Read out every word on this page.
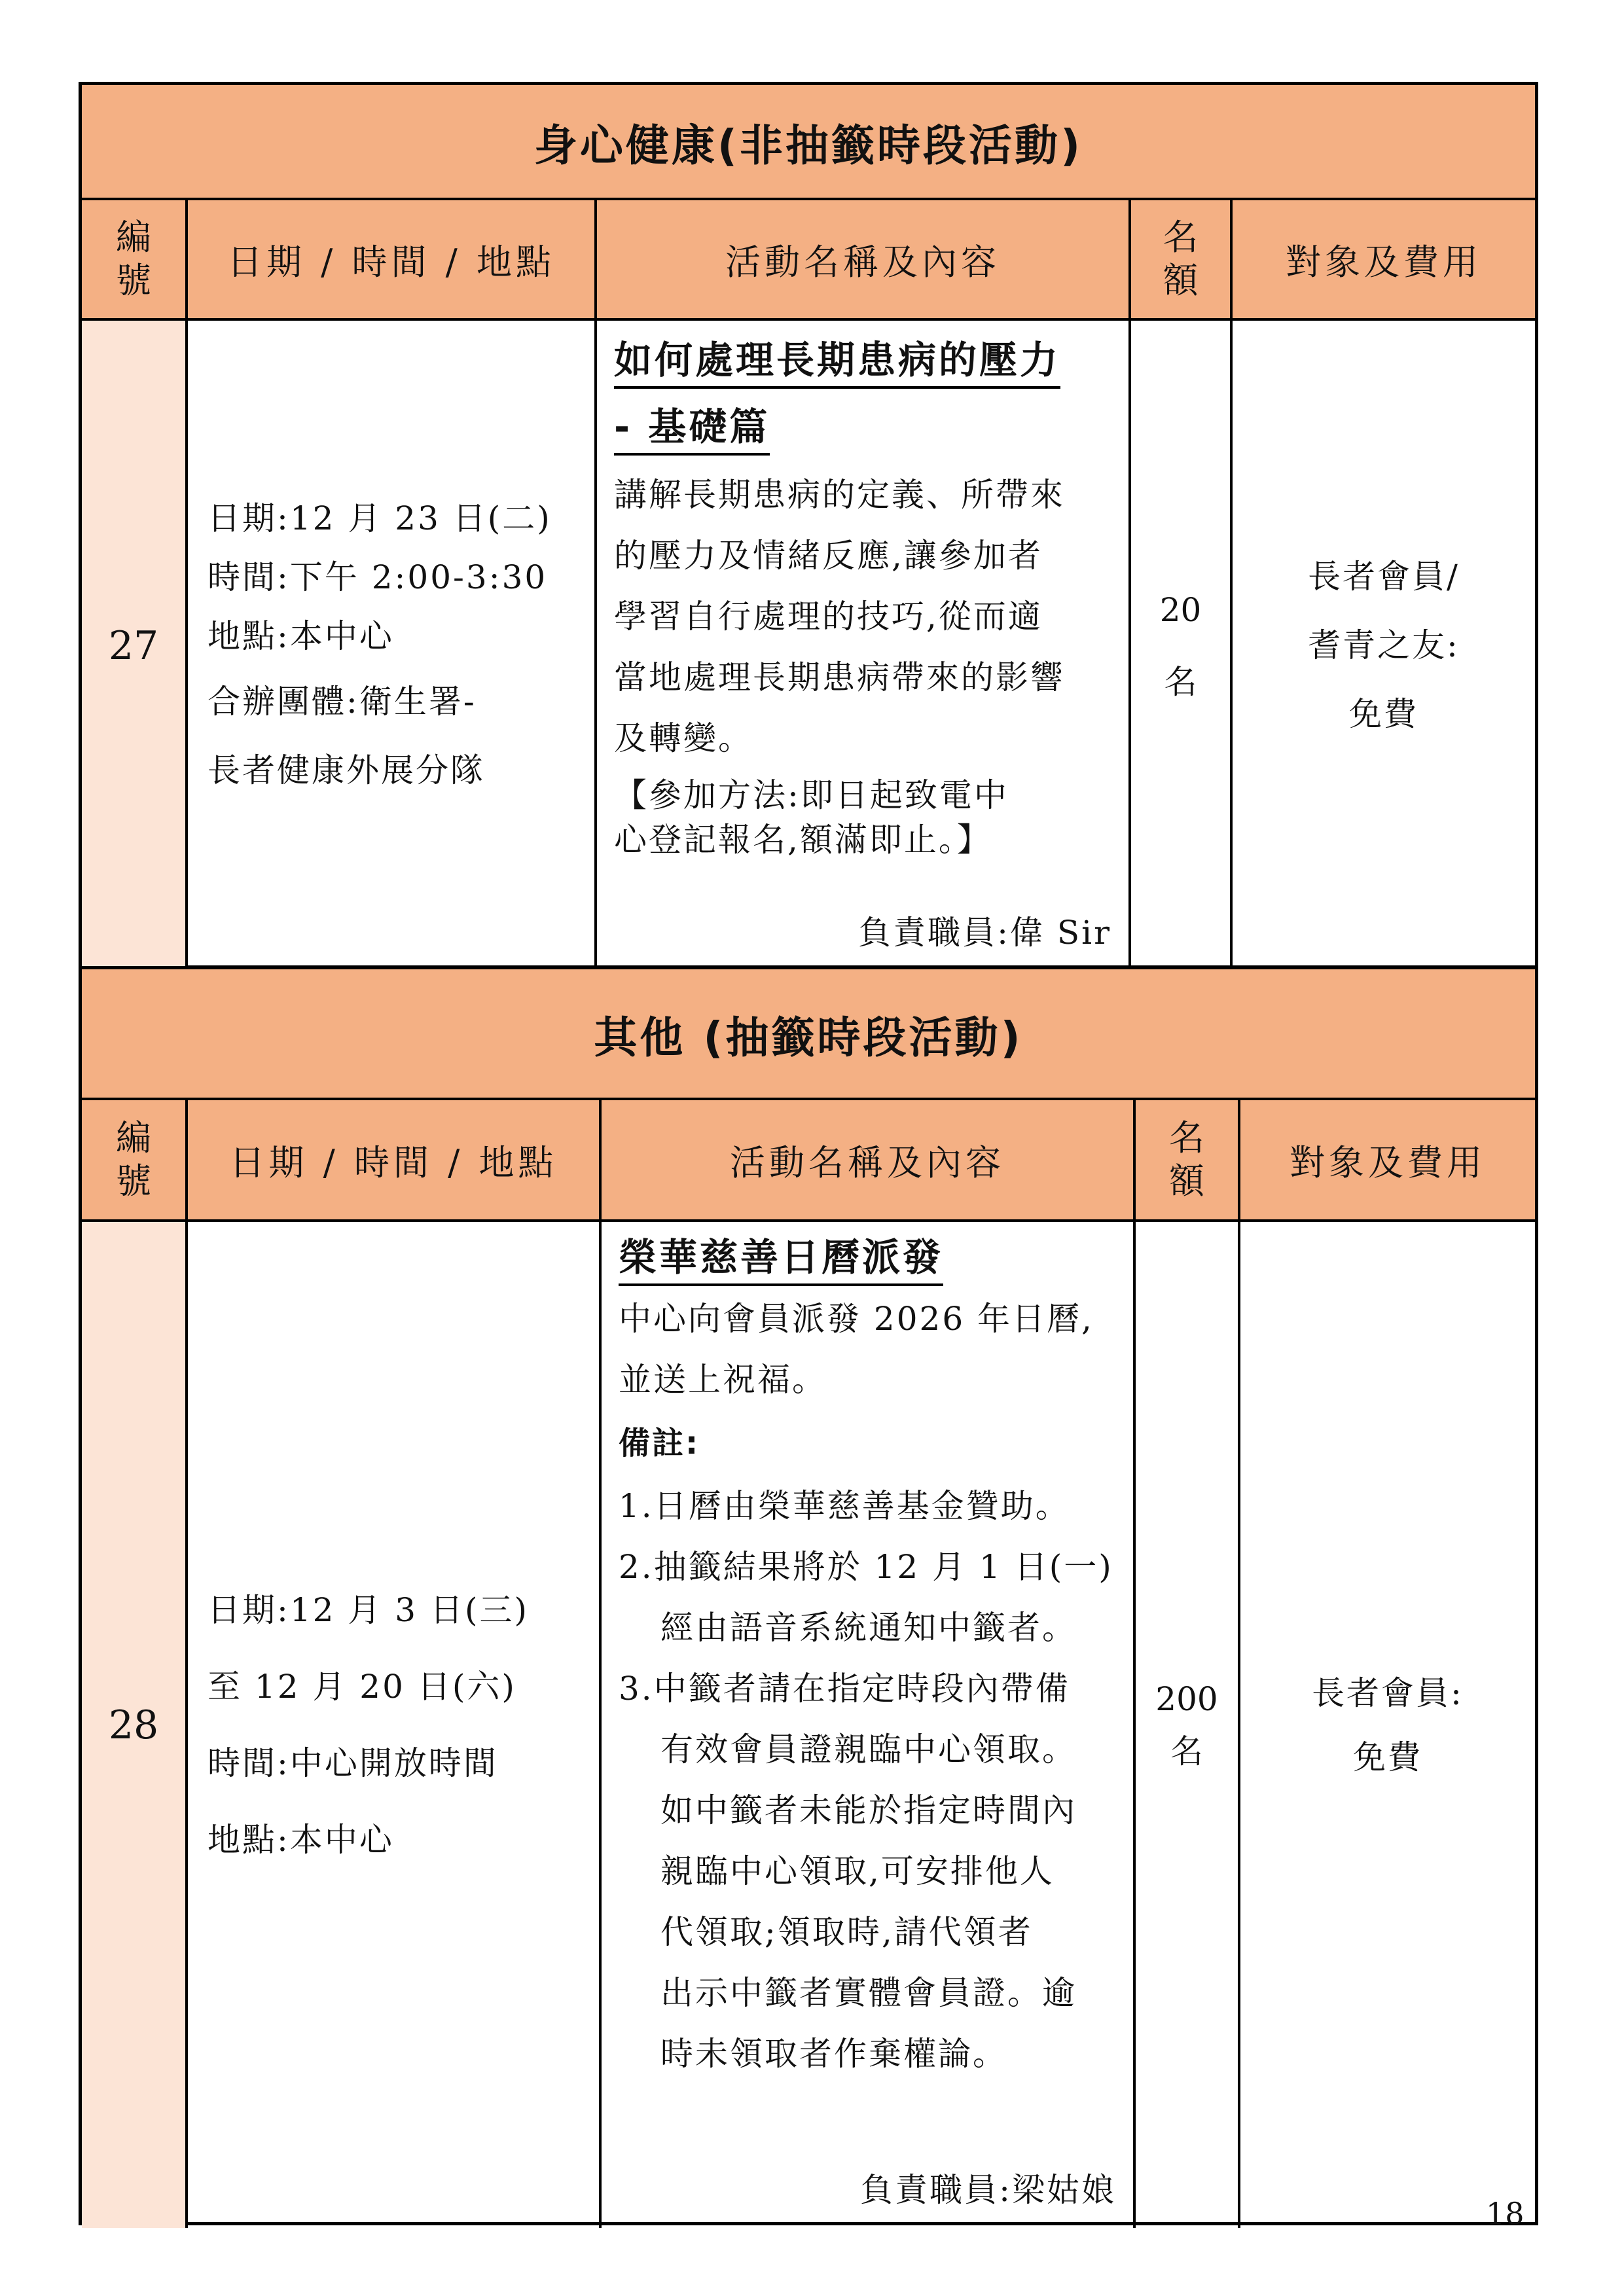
身心健康(非抽籤時段活動)
編
號 日期 / 時間 / 地點	活動名稱及內容
名
額 對象及費用
27
日期:12 月 23 日(二)
時間:下午 2:00-3:30
地點:本中心
合辦團體:衛生署-
長者健康外展分隊
如何處理長期患病的壓力
- 基礎篇
講解長期患病的定義、所帶來
的壓力及情緒反應,讓參加者
學習自行處理的技巧,從而適
當地處理長期患病帶來的影響
及轉變。
【參加方法:即日起致電中
心登記報名,額滿即止。】
負責職員:偉 Sir
20
名
長者會員/
耆青之友:
免費
其他 (抽籤時段活動)
編
號 日期 / 時間 / 地點	活動名稱及內容
名
額 對象及費用
28
日期:12 月 3 日(三)
至 12 月 20 日(六)
時間:中心開放時間
地點:本中心
榮華慈善日曆派發
中心向會員派發 2026 年日曆,
並送上祝福。
備註:
1.日曆由榮華慈善基金贊助。
2.抽籤結果將於 12 月 1 日(一)
經由語音系統通知中籤者。
3.中籤者請在指定時段內帶備
有效會員證親臨中心領取。
如中籤者未能於指定時間內
親臨中心領取,可安排他人
代領取;領取時,請代領者
出示中籤者實體會員證。逾
時未領取者作棄權論。
負責職員:梁姑娘
200
名
長者會員:
免費
18
